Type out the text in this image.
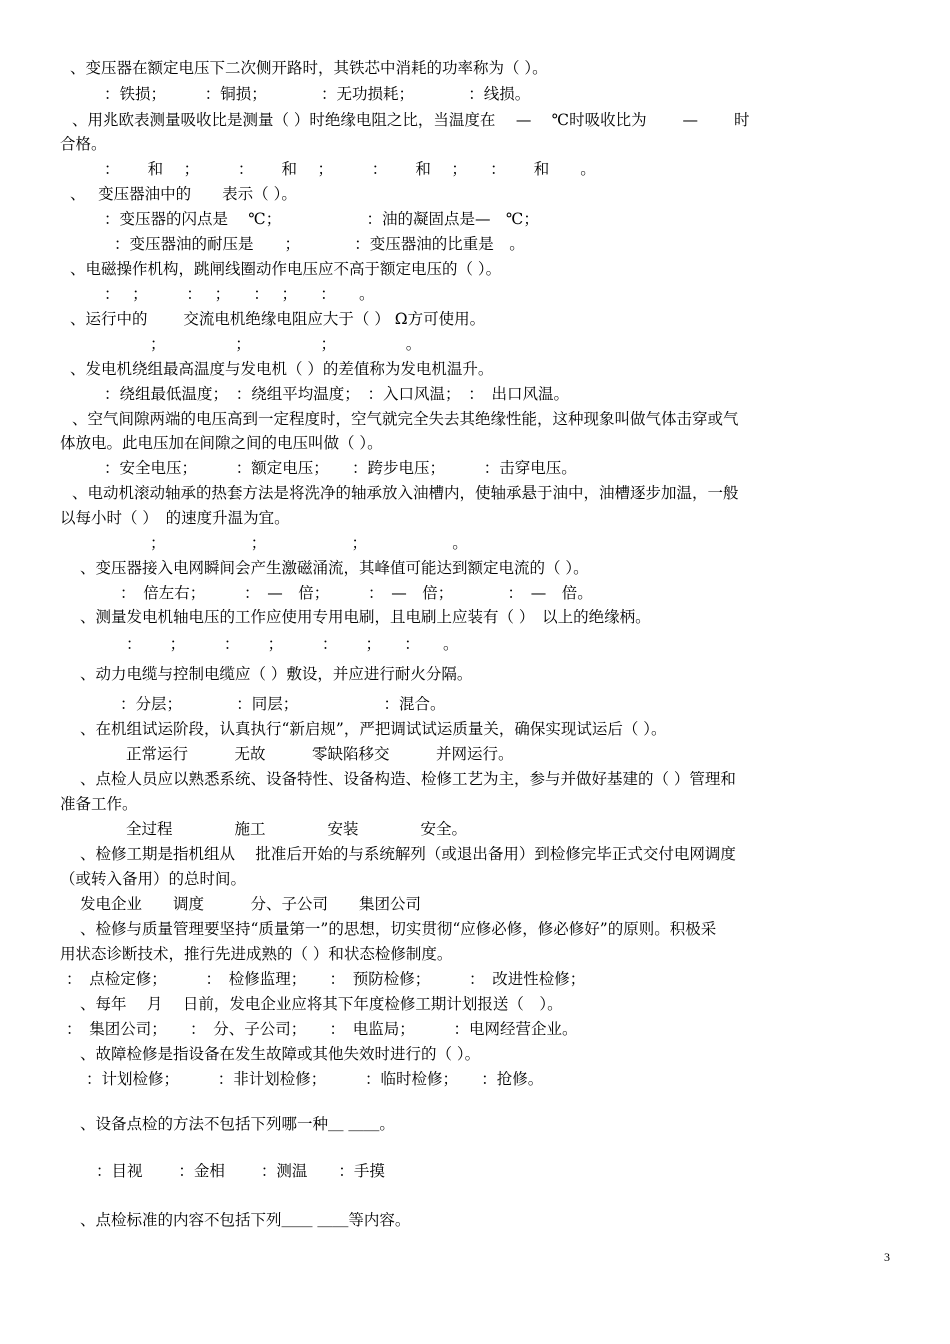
、变压器在额定电压下二次侧开路时，其铁芯中消耗的功率称为（ ）。
：铁损；　　　：铜损；　　　　：无功损耗；　　　　：线损。
、用兆欧表测量吸收比是测量（ ）时绝缘电阻之比，当温度在　 — 　℃时吸收比为　　 — 　　时
合格。
：　　 和　 ；　　　：　　 和　 ；　　　：　　 和　 ；　　：　　 和　　。
、　 变压器油中的　　表示（ ）。
：变压器的闪点是　 ℃；　　　　　　：油的凝固点是—　℃；
：变压器油的耐压是　　；　　　　：变压器油的比重是　。
、电磁操作机构，跳闸线圈动作电压应不高于额定电压的（ ）。
：　 ；　　　：　 ；　　：　 ；　　：　　。
、运行中的　　 交流电机绝缘电阻应大于（ ） Ω方可使用。
；　　　　　；　　　　　；　　　　　。
、发电机绕组最高温度与发电机（ ）的差值称为发电机温升。
：绕组最低温度；　：绕组平均温度；　：入口风温；　：　出口风温。
、空气间隙两端的电压高到一定程度时，空气就完全失去其绝缘性能，这种现象叫做气体击穿或气
体放电。此电压加在间隙之间的电压叫做（ ）。
：安全电压；　　　：额定电压；　　：跨步电压；　　　：击穿电压。
、电动机滚动轴承的热套方法是将洗净的轴承放入油槽内，使轴承悬于油中，油槽逐步加温，一般
以每小时（ ）　的速度升温为宜。
；　　　　　　；　　　　　　；　　　　　　。
、变压器接入电网瞬间会产生激磁涌流，其峰值可能达到额定电流的（ ）。
：　倍左右；　　　：　—　倍；　　　：　—　倍；　　　　：　—　倍。
、测量发电机轴电压的工作应使用专用电刷，且电刷上应装有（ ）　以上的绝缘柄。
：　　 ；　　　：　　 ；　　　：　　 ；　　：　　。
、动力电缆与控制电缆应（ ）敷设，并应进行耐火分隔。
：分层；　　　　：同层；　　　　　　：混合。
、在机组试运阶段，认真执行“新启规”，严把调试试运质量关，确保实现试运后（ ）。
正常运行　　　无故　　　零缺陷移交　　　并网运行。
、点检人员应以熟悉系统、设备特性、设备构造、检修工艺为主，参与并做好基建的（ ）管理和
准备工作。
全过程　　　　施工　　　　安装　　　　安全。
、检修工期是指机组从　 批准后开始的与系统解列（或退出备用）到检修完毕正式交付电网调度
（或转入备用）的总时间。
发电企业　　调度　　　分、子公司　　集团公司
、检修与质量管理要坚持“质量第一”的思想，切实贯彻“应修必修，修必修好”的原则。积极采
用状态诊断技术，推行先进成熟的（ ）和状态检修制度。
：　点检定修；　　　：　检修监理；　　：　预防检修；　　　：　改进性检修；
、每年　 月　 日前，发电企业应将其下年度检修工期计划报送（　）。
：　集团公司；　　：　分、子公司；　　：　电监局；　　　：电网经营企业。
、故障检修是指设备在发生故障或其他失效时进行的（ ）。
：计划检修；　　　：非计划检修；　　　：临时检修；　　：抢修。
、设备点检的方法不包括下列哪一种＿ ＿＿。
：目视　　 ：金相　　 ：测温　　：手摸
、点检标准的内容不包括下列＿＿ ＿＿等内容。
3
